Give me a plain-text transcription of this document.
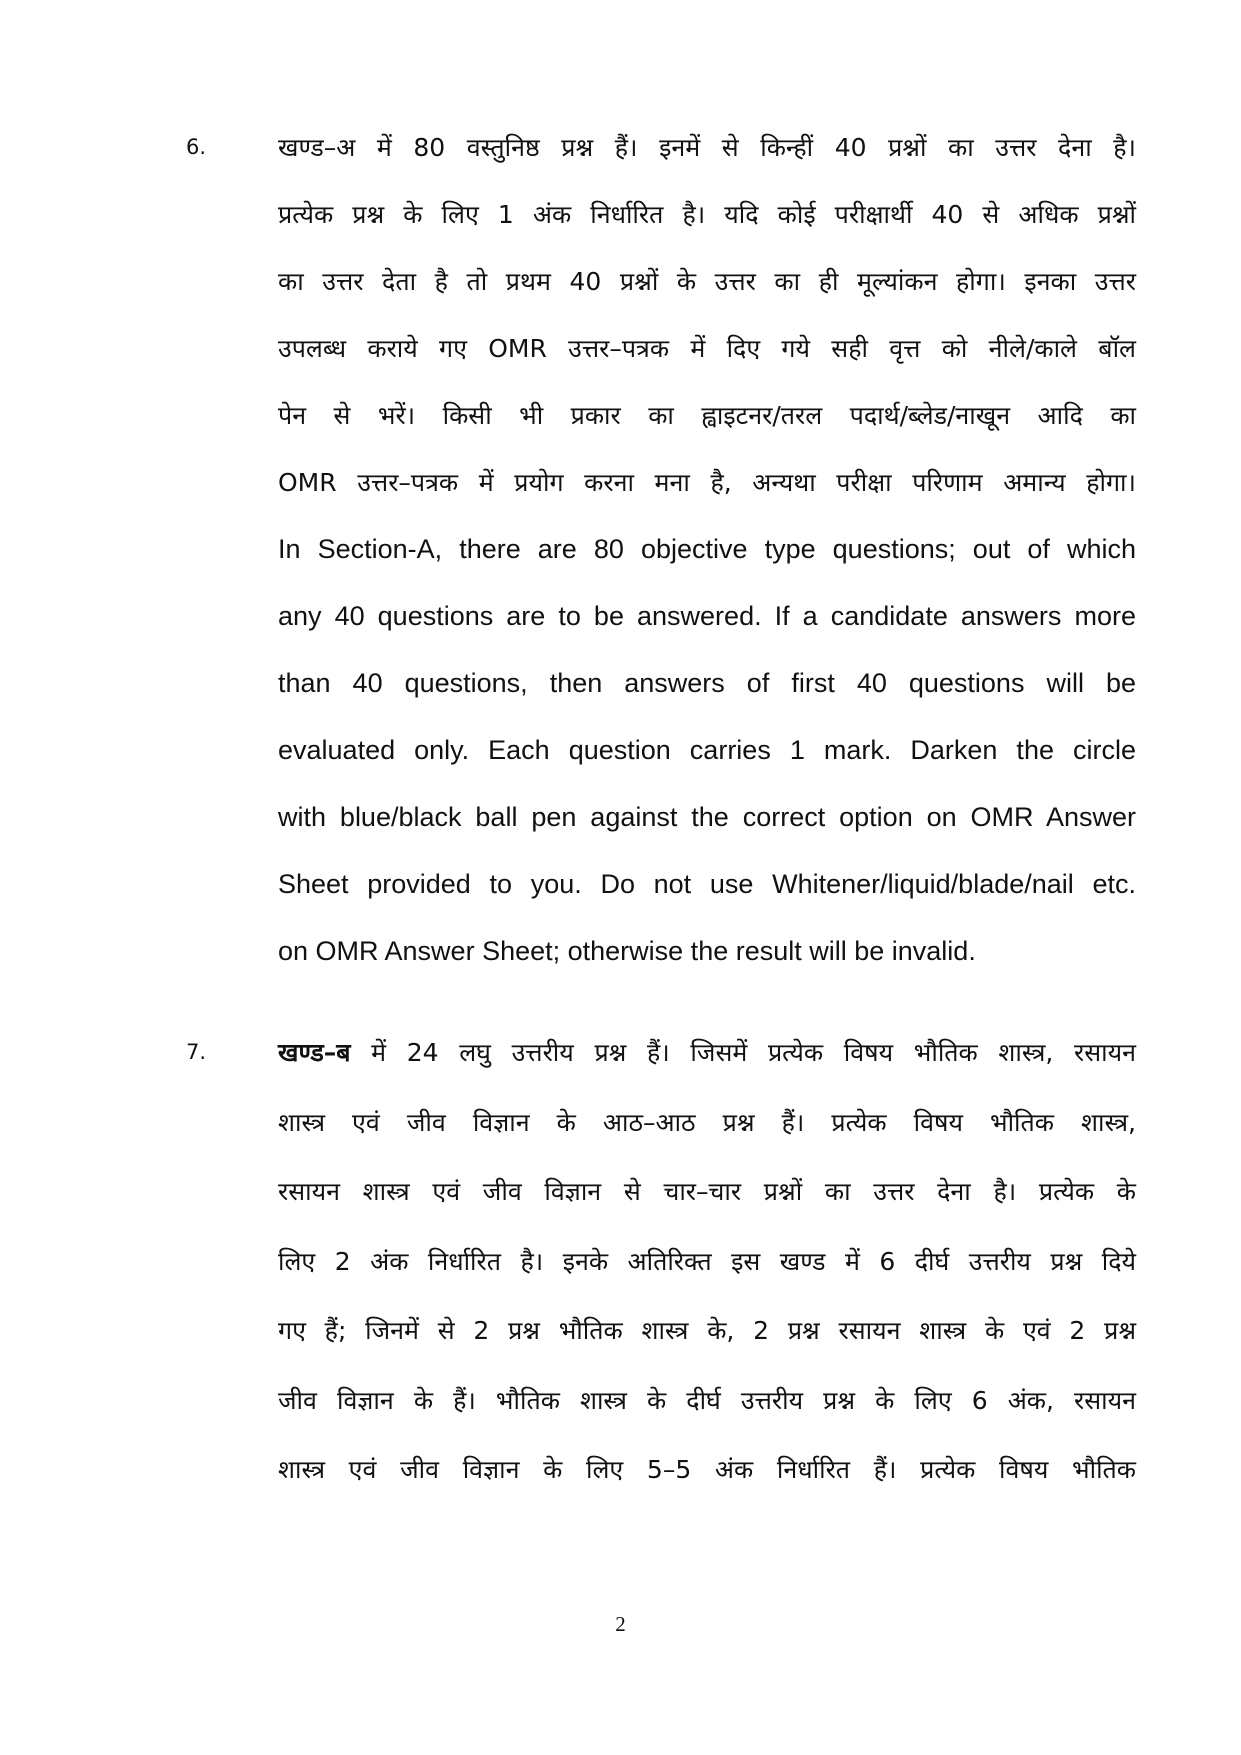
6.	खण्ड–अ में 80 वस्तुनिष्ठ प्रश्न हैं। इनमें से किन्हीं 40 प्रश्नों का उत्तर देना है।
प्रत्येक प्रश्न के लिए 1 अंक निर्धारित है। यदि कोई परीक्षार्थी 40 से अधिक प्रश्नों
का उत्तर देता है तो प्रथम 40 प्रश्नों के उत्तर का ही मूल्यांकन होगा। इनका उत्तर
उपलब्ध कराये गए OMR उत्तर–पत्रक में दिए गये सही वृत्त को नीले/काले बॉल
पेन से भरें। किसी भी प्रकार का ह्वाइटनर/तरल पदार्थ/ब्लेड/नाखून आदि का
OMR उत्तर–पत्रक में प्रयोग करना मना है, अन्यथा परीक्षा परिणाम अमान्य होगा।
In Section-A, there are 80 objective type questions; out of which
any 40 questions are to be answered. If a candidate answers more
than 40 questions, then answers of first 40 questions will be
evaluated only. Each question carries 1 mark. Darken the circle
with blue/black ball pen against the correct option on OMR Answer
Sheet provided to you. Do not use Whitener/liquid/blade/nail etc.
on OMR Answer Sheet; otherwise the result will be invalid.
7.	खण्ड–ब में 24 लघु उत्तरीय प्रश्न हैं। जिसमें प्रत्येक विषय भौतिक शास्त्र, रसायन
शास्त्र एवं जीव विज्ञान के आठ–आठ प्रश्न हैं। प्रत्येक विषय भौतिक शास्त्र,
रसायन शास्त्र एवं जीव विज्ञान से चार–चार प्रश्नों का उत्तर देना है। प्रत्येक के
लिए 2 अंक निर्धारित है। इनके अतिरिक्त इस खण्ड में 6 दीर्घ उत्तरीय प्रश्न दिये
गए हैं; जिनमें से 2 प्रश्न भौतिक शास्त्र के, 2 प्रश्न रसायन शास्त्र के एवं 2 प्रश्न
जीव विज्ञान के हैं। भौतिक शास्त्र के दीर्घ उत्तरीय प्रश्न के लिए 6 अंक, रसायन
शास्त्र एवं जीव विज्ञान के लिए 5–5 अंक निर्धारित हैं। प्रत्येक विषय भौतिक
2
